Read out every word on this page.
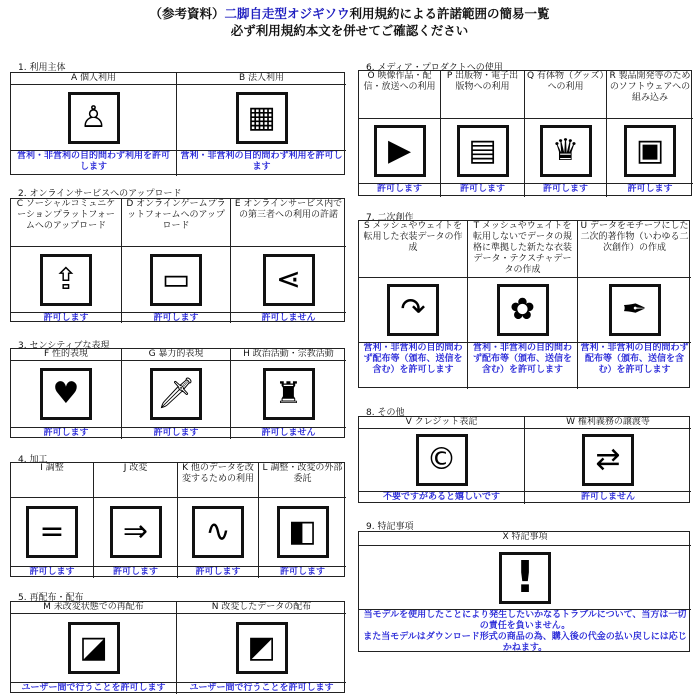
（参考資料）二脚自走型オジギソウ利用規約による許諾範囲の簡易一覧
必ず利用規約本文を併せてご確認ください
1. 利用主体
A 個人利用
♙
営利・非営利の目的問わず利用を許可します
B 法人利用
▦
営利・非営利の目的問わず利用を許可します
2. オンラインサービスへのアップロード
C ソーシャルコミュニケーションプラットフォームへのアップロード
⇪
許可します
D オンラインゲームプラットフォームへのアップロード
▭
許可します
E オンラインサービス内での第三者への利用の許諾
⋖
許可しません
3. センシティブな表現
F 性的表現
♥
許可します
G 暴力的表現
🗡
許可します
H 政治活動・宗教活動
♜
許可しません
4. 加工
I 調整
=
許可します
J 改変
⇒
許可します
K 他のデータを改変するための利用
∿
許可します
L 調整・改変の外部委託
◧
許可します
5. 再配布・配布
M 未改変状態での再配布
◪
ユーザー間で行うことを許可します
N 改変したデータの配布
◩
ユーザー間で行うことを許可します
6. メディア・プロダクトへの使用
O 映像作品・配信・放送への利用
▶
許可します
P 出版物・電子出版物への利用
▤
許可します
Q 有体物（グッズ）への利用
♛
許可します
R 製品開発等のためのソフトウェアへの組み込み
▣
許可します
7. 二次創作
S メッシュやウェイトを転用した衣装データの作成
↷
営利・非営利の目的問わず配布等（頒布、送信を含む）を許可します
T メッシュやウェイトを転用しないでデータの規格に準拠した新たな衣装データ・テクスチャデータの作成
✿
営利・非営利の目的問わず配布等（頒布、送信を含む）を許可します
U データをモチーフにした二次的著作物（いわゆる二次創作）の作成
✒
営利・非営利の目的問わず配布等（頒布、送信を含む）を許可します
8. その他
V クレジット表記
©
不要ですがあると嬉しいです
W 権利義務の譲渡等
⇄
許可しません
9. 特記事項
X 特記事項
!
当モデルを使用したことにより発生したいかなるトラブルについて、当方は一切の責任を負いません。
また当モデルはダウンロード形式の商品の為、購入後の代金の払い戻しには応じかねます。
